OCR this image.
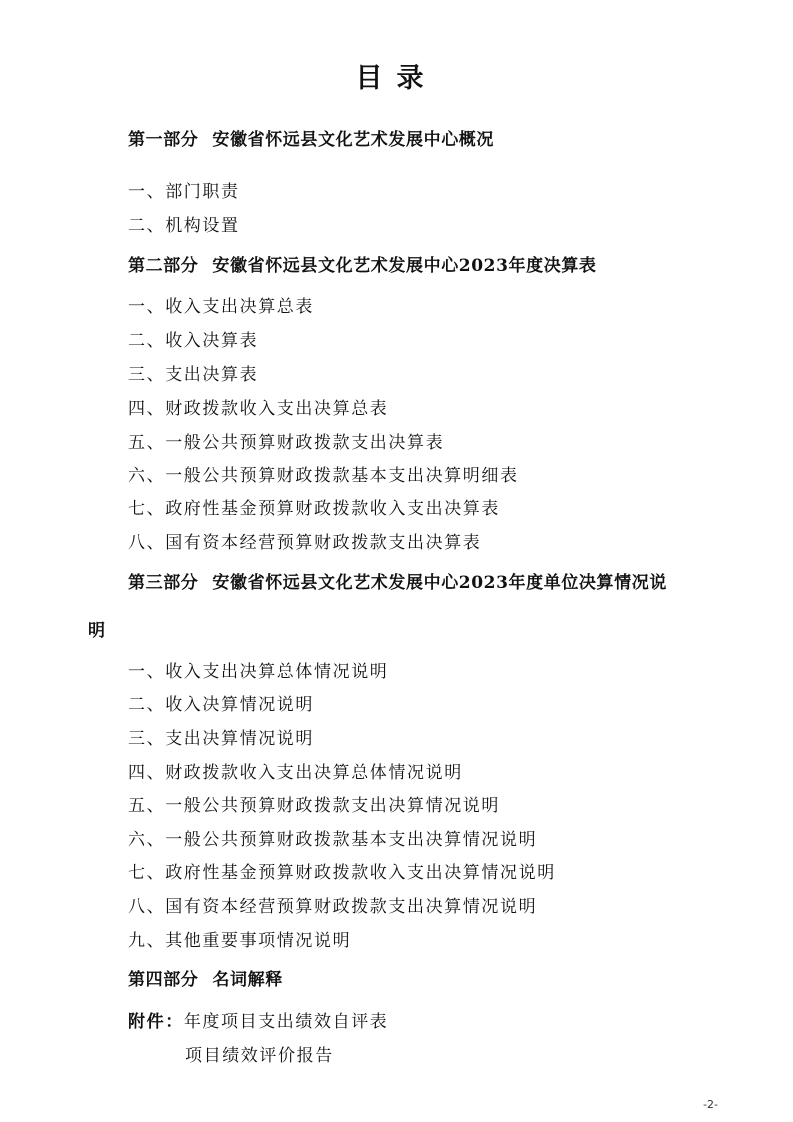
目录
第一部分 安徽省怀远县文化艺术发展中心概况
一、部门职责
二、机构设置
第二部分 安徽省怀远县文化艺术发展中心2023年度决算表
一、收入支出决算总表
二、收入决算表
三、支出决算表
四、财政拨款收入支出决算总表
五、一般公共预算财政拨款支出决算表
六、一般公共预算财政拨款基本支出决算明细表
七、政府性基金预算财政拨款收入支出决算表
八、国有资本经营预算财政拨款支出决算表
第三部分 安徽省怀远县文化艺术发展中心2023年度单位决算情况说
明
一、收入支出决算总体情况说明
二、收入决算情况说明
三、支出决算情况说明
四、财政拨款收入支出决算总体情况说明
五、一般公共预算财政拨款支出决算情况说明
六、一般公共预算财政拨款基本支出决算情况说明
七、政府性基金预算财政拨款收入支出决算情况说明
八、国有资本经营预算财政拨款支出决算情况说明
九、其他重要事项情况说明
第四部分 名词解释
附件：年度项目支出绩效自评表
项目绩效评价报告
-2-
